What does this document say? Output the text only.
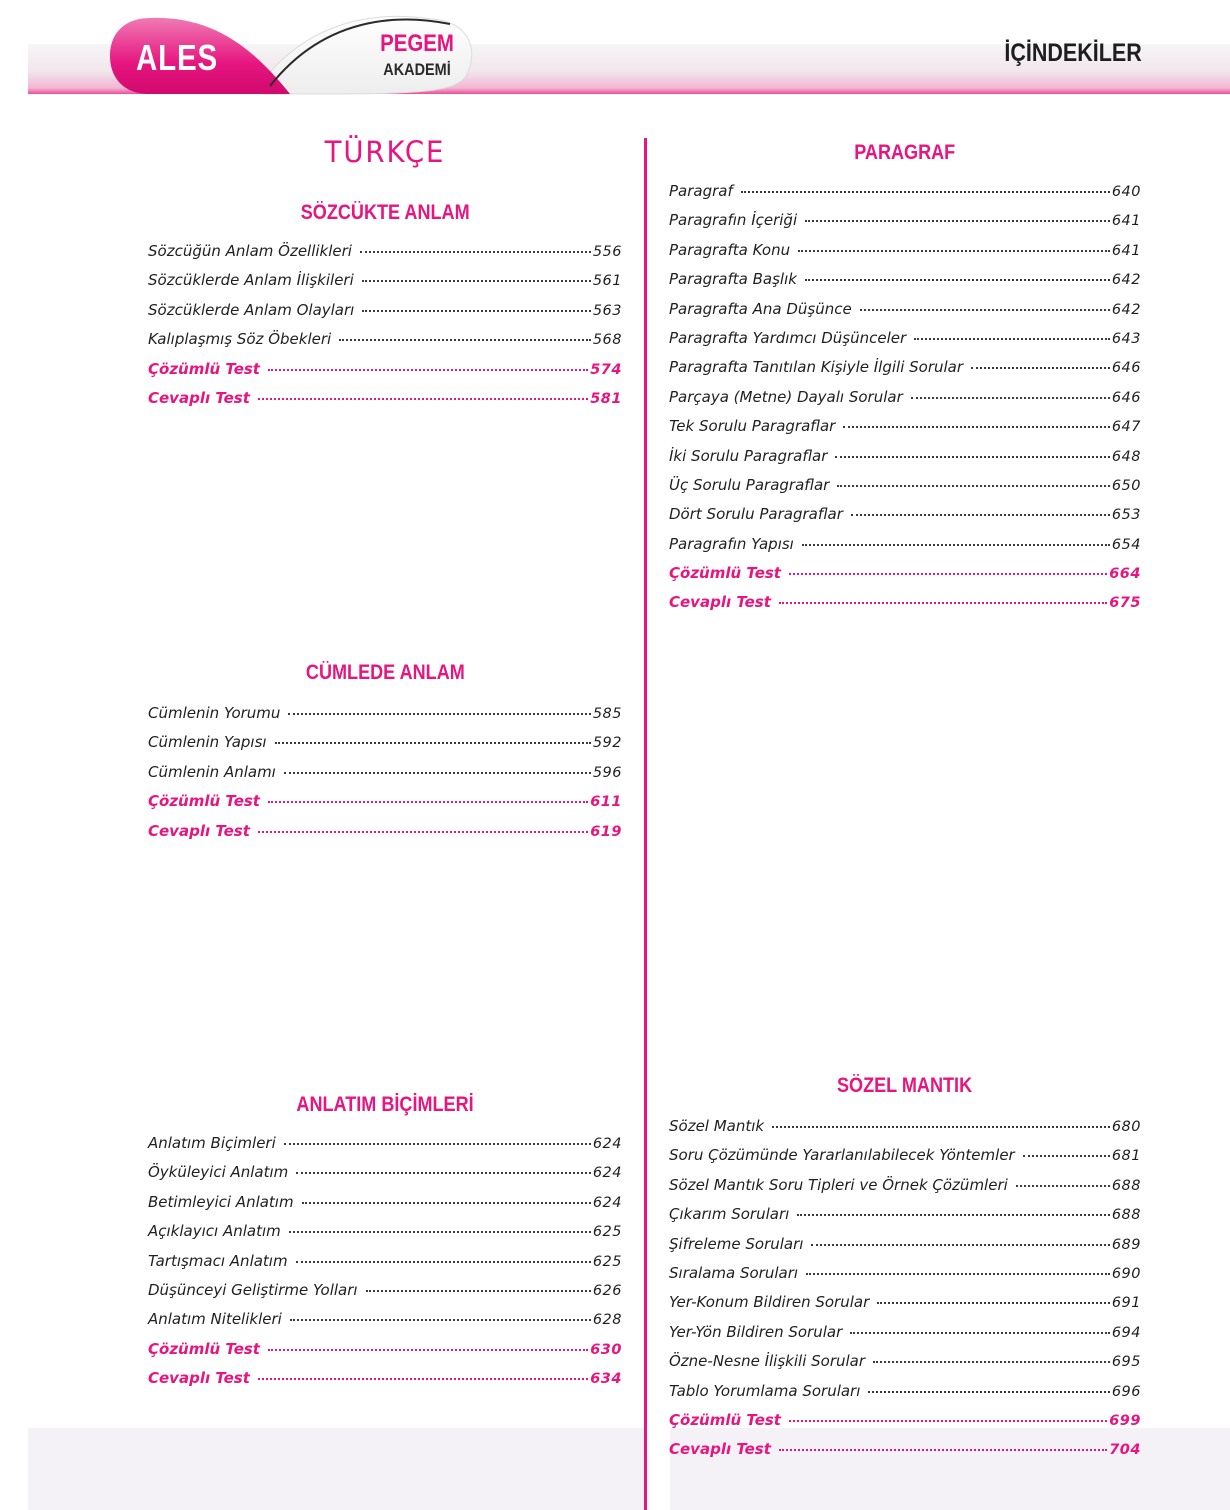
ALES	PEGEM
AKADEMİ
İÇİNDEKİLER
TÜRKÇE
SÖZCÜKTE ANLAM
Sözcüğün Anlam Özellikleri	556
Sözcüklerde Anlam İlişkileri	561
Sözcüklerde Anlam Olayları	563
Kalıplaşmış Söz Öbekleri	568
Çözümlü Test	574
Cevaplı Test	581
CÜMLEDE ANLAM
Cümlenin Yorumu	585
Cümlenin Yapısı	592
Cümlenin Anlamı	596
Çözümlü Test	611
Cevaplı Test	619
ANLATIM BİÇİMLERİ
Anlatım Biçimleri	624
Öyküleyici Anlatım	624
Betimleyici Anlatım	624
Açıklayıcı Anlatım	625
Tartışmacı Anlatım	625
Düşünceyi Geliştirme Yolları	626
Anlatım Nitelikleri	628
Çözümlü Test	630
Cevaplı Test	634
PARAGRAF
Paragraf	640
Paragrafın İçeriği	641
Paragrafta Konu	641
Paragrafta Başlık	642
Paragrafta Ana Düşünce	642
Paragrafta Yardımcı Düşünceler	643
Paragrafta Tanıtılan Kişiyle İlgili Sorular	646
Parçaya (Metne) Dayalı Sorular	646
Tek Sorulu Paragraflar	647
İki Sorulu Paragraflar	648
Üç Sorulu Paragraflar	650
Dört Sorulu Paragraflar	653
Paragrafın Yapısı	654
Çözümlü Test	664
Cevaplı Test	675
SÖZEL MANTIK
Sözel Mantık	680
Soru Çözümünde Yararlanılabilecek Yöntemler	681
Sözel Mantık Soru Tipleri ve Örnek Çözümleri	688
Çıkarım Soruları	688
Şifreleme Soruları	689
Sıralama Soruları	690
Yer-Konum Bildiren Sorular	691
Yer-Yön Bildiren Sorular	694
Özne-Nesne İlişkili Sorular	695
Tablo Yorumlama Soruları	696
Çözümlü Test	699
Cevaplı Test	704
